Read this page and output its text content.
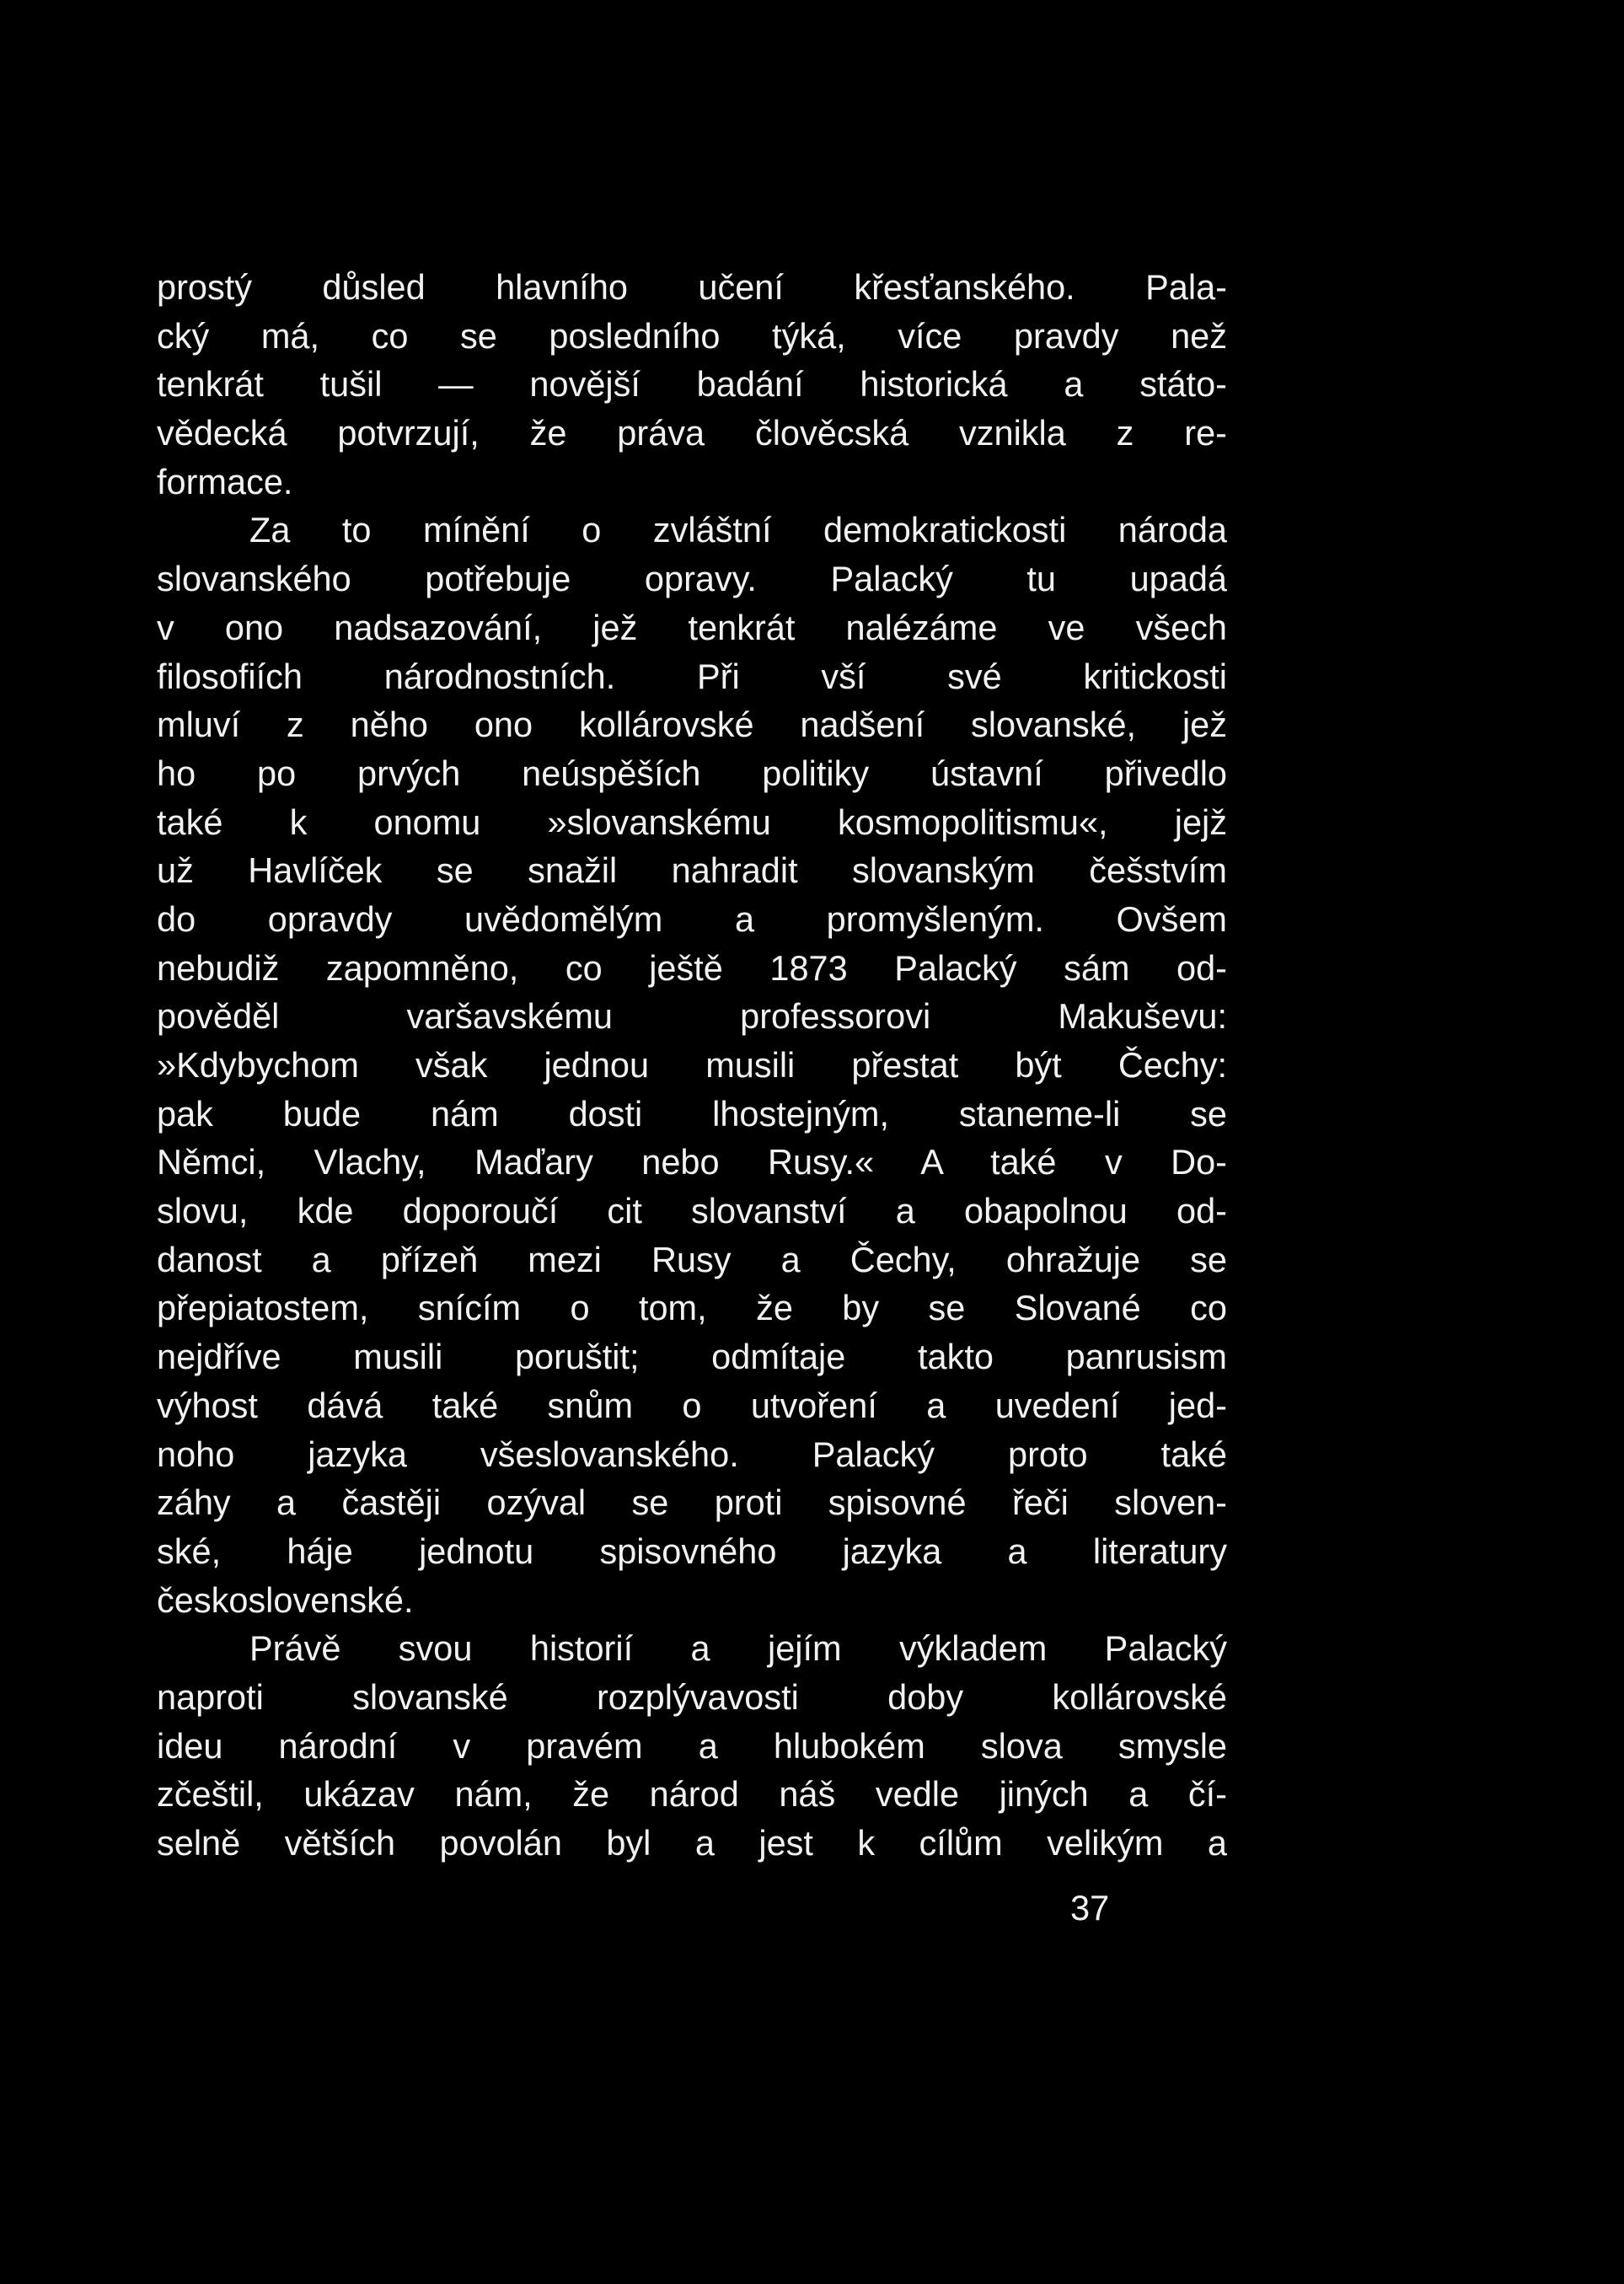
prostý důsled hlavního učení křesťanského. Pala-
cký má, co se posledního týká, více pravdy než
tenkrát tušil — novější badání historická a státo-
vědecká potvrzují, že práva člověcská vznikla z re-
formace.
Za to mínění o zvláštní demokratickosti národa
slovanského potřebuje opravy. Palacký tu upadá
v ono nadsazování, jež tenkrát nalézáme ve všech
filosofiích národnostních. Při vší své kritickosti
mluví z něho ono kollárovské nadšení slovanské, jež
ho po prvých neúspěších politiky ústavní přivedlo
také k onomu »slovanskému kosmopolitismu«, jejž
už Havlíček se snažil nahradit slovanským češstvím
do opravdy uvědomělým a promyšleným. Ovšem
nebudiž zapomněno, co ještě 1873 Palacký sám od-
pověděl varšavskému professorovi Makuševu:
»Kdybychom však jednou musili přestat být Čechy:
pak bude nám dosti lhostejným, staneme-li se
Němci, Vlachy, Maďary nebo Rusy.« A také v Do-
slovu, kde doporoučí cit slovanství a obapolnou od-
danost a přízeň mezi Rusy a Čechy, ohražuje se
přepiatostem, snícím o tom, že by se Slované co
nejdříve musili poruštit; odmítaje takto panrusism
výhost dává také snům o utvoření a uvedení jed-
noho jazyka všeslovanského. Palacký proto také
záhy a častěji ozýval se proti spisovné řeči sloven-
ské, háje jednotu spisovného jazyka a literatury
československé.
Právě svou historií a jejím výkladem Palacký
naproti slovanské rozplývavosti doby kollárovské
ideu národní v pravém a hlubokém slova smysle
zčeštil, ukázav nám, že národ náš vedle jiných a čí-
selně větších povolán byl a jest k cílům velikým a
37
